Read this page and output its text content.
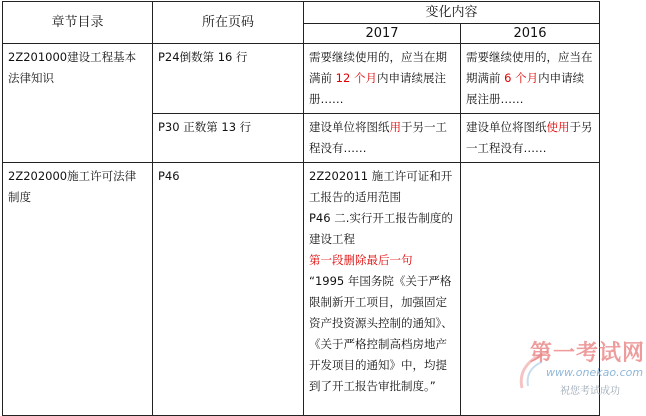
章节目录	所在页码	变化内容	
		2017	2016
2Z201000建设工程基本法律知识	P24倒数第 16 行	需要继续使用的，应当在期满前 12 个月内申请续展注册……	需要继续使用的，应当在期满前 6 个月内申请续展注册……
	P30 正数第 13 行	建设单位将图纸用于另一工程没有……	建设单位将图纸使用于另一工程没有……
2Z202000施工许可法律制度	P46	2Z202011 施工许可证和开工报告的适用范围
P46 二.实行开工报告制度的建设工程
第一段删除最后一句
“1995 年国务院《关于严格限制新开工项目，加强固定资产投资源头控制的通知》、《关于严格控制高档房地产开发项目的通知》中，均提到了开工报告审批制度。”	

第一考试网
www.onekao.com
祝您考试成功
